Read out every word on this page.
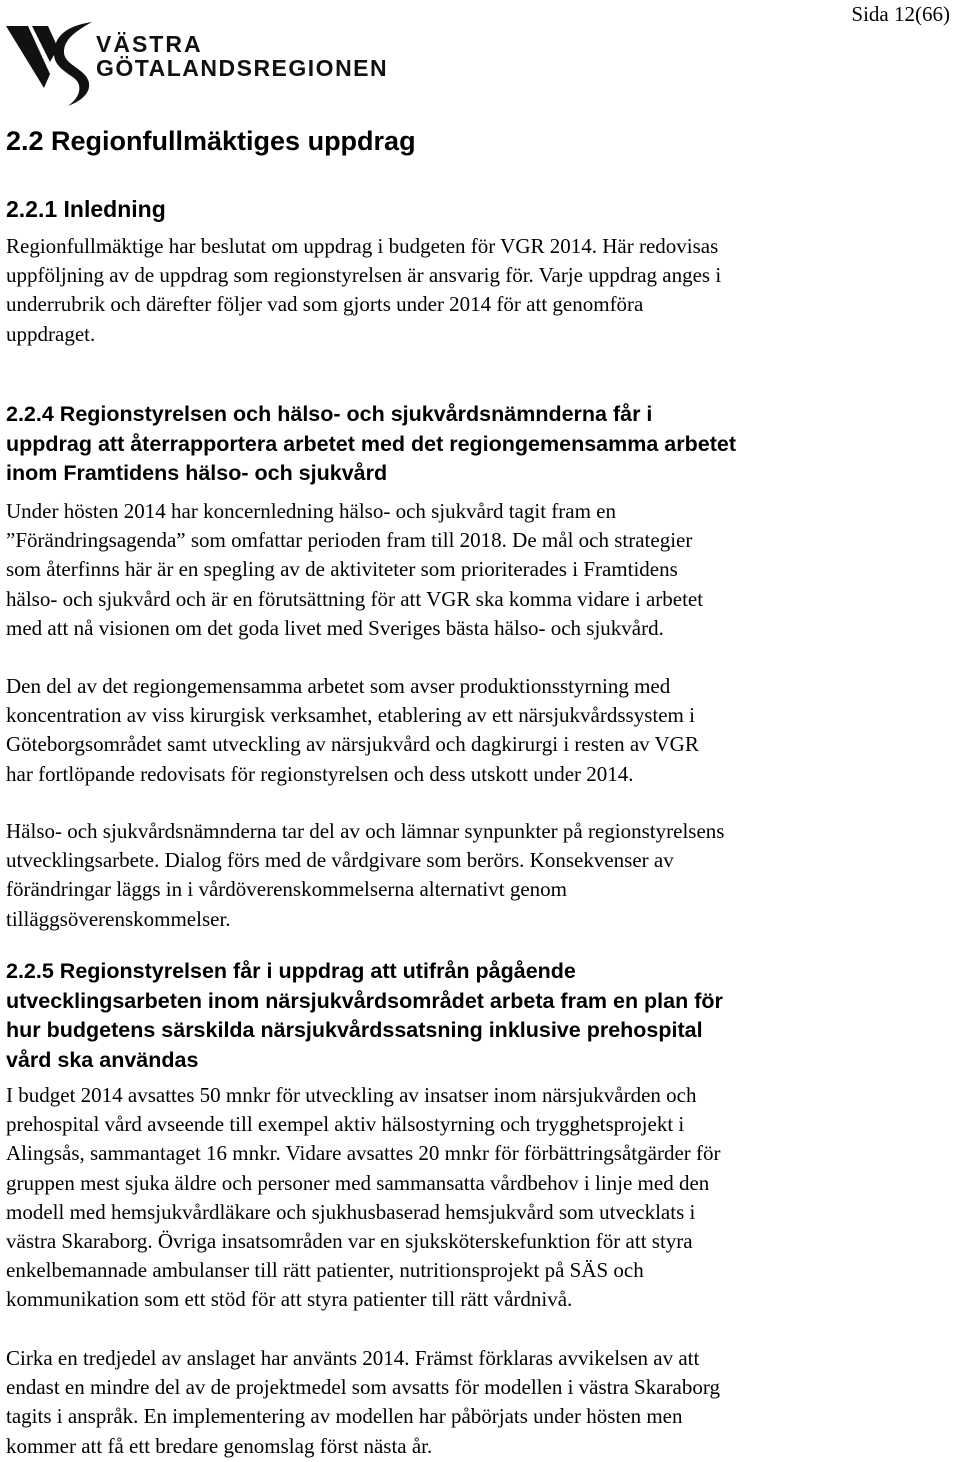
Sida 12(66)
VÄSTRA
GÖTALANDSREGIONEN
2.2 Regionfullmäktiges uppdrag
2.2.1 Inledning
Regionfullmäktige har beslutat om uppdrag i budgeten för VGR 2014. Här redovisas
uppföljning av de uppdrag som regionstyrelsen är ansvarig för. Varje uppdrag anges i
underrubrik och därefter följer vad som gjorts under 2014 för att genomföra
uppdraget.
2.2.4 Regionstyrelsen och hälso- och sjukvårdsnämnderna får i
uppdrag att återrapportera arbetet med det regiongemensamma arbetet
inom Framtidens hälso- och sjukvård
Under hösten 2014 har koncernledning hälso- och sjukvård tagit fram en
”Förändringsagenda” som omfattar perioden fram till 2018. De mål och strategier
som återfinns här är en spegling av de aktiviteter som prioriterades i Framtidens
hälso- och sjukvård och är en förutsättning för att VGR ska komma vidare i arbetet
med att nå visionen om det goda livet med Sveriges bästa hälso- och sjukvård.
Den del av det regiongemensamma arbetet som avser produktionsstyrning med
koncentration av viss kirurgisk verksamhet, etablering av ett närsjukvårdssystem i
Göteborgsområdet samt utveckling av närsjukvård och dagkirurgi i resten av VGR
har fortlöpande redovisats för regionstyrelsen och dess utskott under 2014.
Hälso- och sjukvårdsnämnderna tar del av och lämnar synpunkter på regionstyrelsens
utvecklingsarbete. Dialog förs med de vårdgivare som berörs. Konsekvenser av
förändringar läggs in i vårdöverenskommelserna alternativt genom
tilläggsöverenskommelser.
2.2.5 Regionstyrelsen får i uppdrag att utifrån pågående
utvecklingsarbeten inom närsjukvårdsområdet arbeta fram en plan för
hur budgetens särskilda närsjukvårdssatsning inklusive prehospital
vård ska användas
I budget 2014 avsattes 50 mnkr för utveckling av insatser inom närsjukvården och
prehospital vård avseende till exempel aktiv hälsostyrning och trygghetsprojekt i
Alingsås, sammantaget 16 mnkr. Vidare avsattes 20 mnkr för förbättringsåtgärder för
gruppen mest sjuka äldre och personer med sammansatta vårdbehov i linje med den
modell med hemsjukvårdläkare och sjukhusbaserad hemsjukvård som utvecklats i
västra Skaraborg. Övriga insatsområden var en sjuksköterskefunktion för att styra
enkelbemannade ambulanser till rätt patienter, nutritionsprojekt på SÄS och
kommunikation som ett stöd för att styra patienter till rätt vårdnivå.
Cirka en tredjedel av anslaget har använts 2014. Främst förklaras avvikelsen av att
endast en mindre del av de projektmedel som avsatts för modellen i västra Skaraborg
tagits i anspråk. En implementering av modellen har påbörjats under hösten men
kommer att få ett bredare genomslag först nästa år.
